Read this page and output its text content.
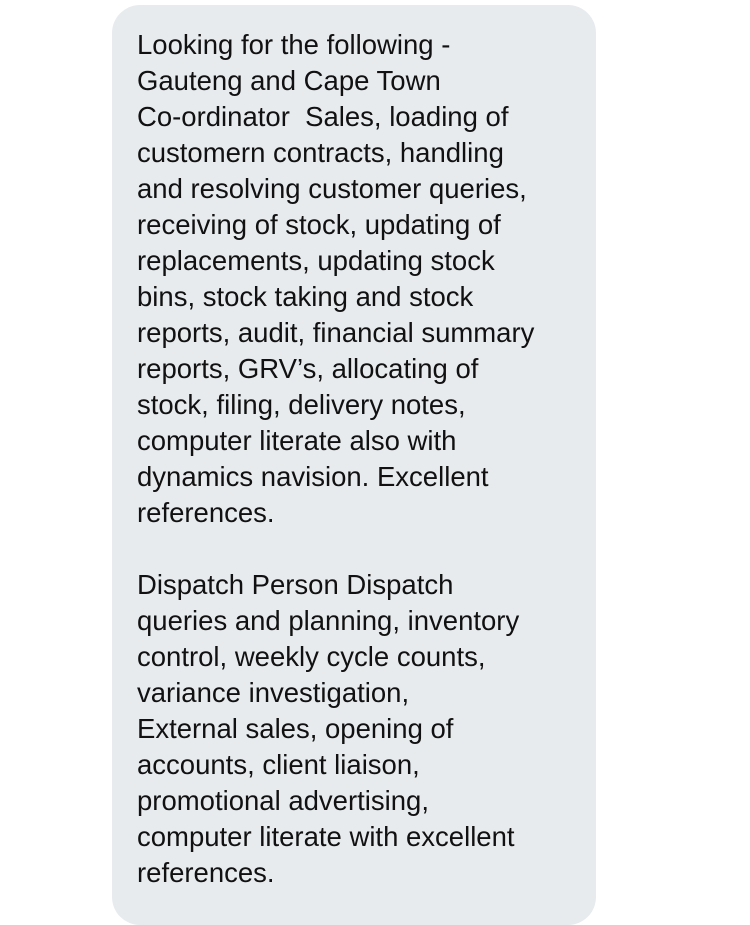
Looking for the following -
Gauteng and Cape Town
Co-ordinator  Sales, loading of
customern contracts, handling
and resolving customer queries,
receiving of stock, updating of
replacements, updating stock
bins, stock taking and stock
reports, audit, financial summary
reports, GRV’s, allocating of
stock, filing, delivery notes,
computer literate also with
dynamics navision. Excellent
references.
Dispatch Person Dispatch
queries and planning, inventory
control, weekly cycle counts,
variance investigation,
External sales, opening of
accounts, client liaison,
promotional advertising,
computer literate with excellent
references.
